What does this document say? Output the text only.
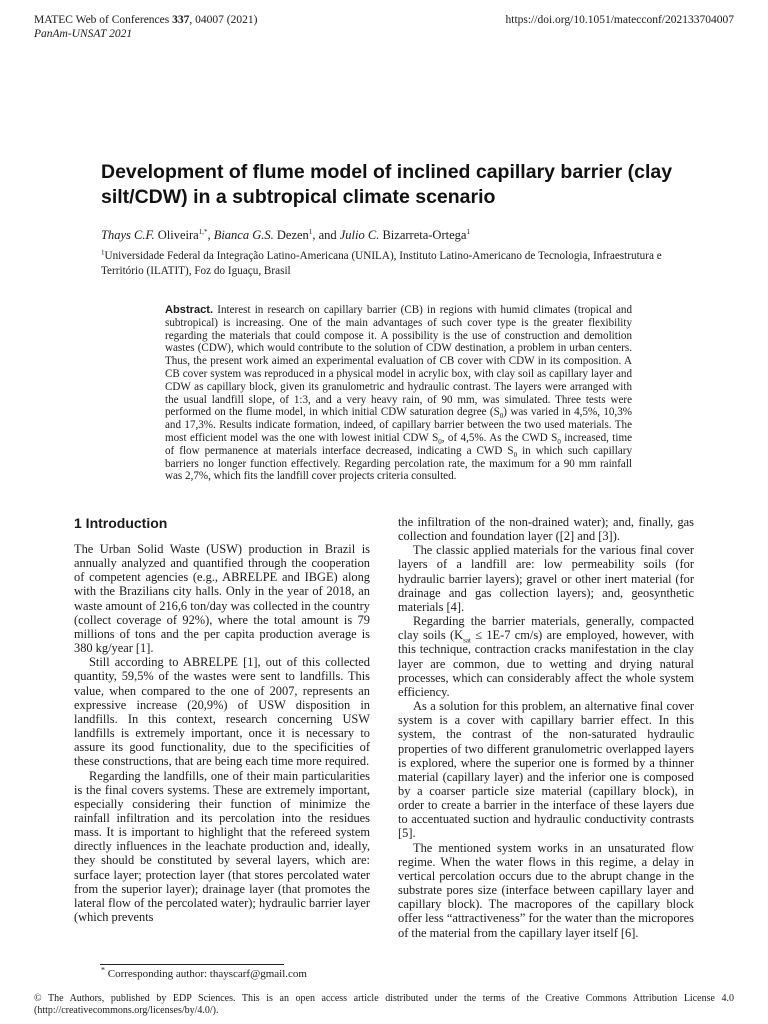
MATEC Web of Conferences 337, 04007 (2021)
PanAm-UNSAT 2021
https://doi.org/10.1051/matecconf/202133704007
Development of flume model of inclined capillary barrier (clay silt/CDW) in a subtropical climate scenario
Thays C.F. Oliveira$^{1,*}$, Bianca G.S. Dezen$^1$, and Julio C. Bizarreta-Ortega$^1$
$^1$Universidade Federal da Integração Latino-Americana (UNILA), Instituto Latino-Americano de Tecnologia, Infraestrutura e Território (ILATIT), Foz do Iguaçu, Brasil
Abstract. Interest in research on capillary barrier (CB) in regions with humid climates (tropical and subtropical) is increasing. One of the main advantages of such cover type is the greater flexibility regarding the materials that could compose it. A possibility is the use of construction and demolition wastes (CDW), which would contribute to the solution of CDW destination, a problem in urban centers. Thus, the present work aimed an experimental evaluation of CB cover with CDW in its composition. A CB cover system was reproduced in a physical model in acrylic box, with clay soil as capillary layer and CDW as capillary block, given its granulometric and hydraulic contrast. The layers were arranged with the usual landfill slope, of 1:3, and a very heavy rain, of 90 mm, was simulated. Three tests were performed on the flume model, in which initial CDW saturation degree $(S_0)$ was varied in 4,5%, 10,3% and 17,3%. Results indicate formation, indeed, of capillary barrier between the two used materials. The most efficient model was the one with lowest initial CDW $S_0$, of 4,5%. As the CWD $S_0$ increased, time of flow permanence at materials interface decreased, indicating a CWD $S_0$ in which such capillary barriers no longer function effectively. Regarding percolation rate, the maximum for a 90 mm rainfall was 2,7%, which fits the landfill cover projects criteria consulted.
1 Introduction

The Urban Solid Waste (USW) production in Brazil is annually analyzed and quantified through the cooperation of competent agencies (e.g., ABRELPE and IBGE) along with the Brazilians city halls. Only in the year of 2018, an waste amount of 216,6 ton/day was collected in the country (collect coverage of 92%), where the total amount is 79 millions of tons and the per capita production average is 380 kg/year [1].

Still according to ABRELPE [1], out of this collected quantity, 59,5% of the wastes were sent to landfills. This value, when compared to the one of 2007, represents an expressive increase (20,9%) of USW disposition in landfills. In this context, research concerning USW landfills is extremely important, once it is necessary to assure its good functionality, due to the specificities of these constructions, that are being each time more required.

Regarding the landfills, one of their main particularities is the final covers systems. These are extremely important, especially considering their function of minimize the rainfall infiltration and its percolation into the residues mass. It is important to highlight that the refereed system directly influences in the leachate production and, ideally, they should be constituted by several layers, which are: surface layer; protection layer (that stores percolated water from the superior layer); drainage layer (that promotes the lateral flow of the percolated water); hydraulic barrier layer (which prevents

the infiltration of the non-drained water); and, finally, gas collection and foundation layer ([2] and [3]).

The classic applied materials for the various final cover layers of a landfill are: low permeability soils (for hydraulic barrier layers); gravel or other inert material (for drainage and gas collection layers); and, geosynthetic materials [4].

Regarding the barrier materials, generally, compacted clay soils ($K_{sat} \le 1E-7$ cm/s) are employed, however, with this technique, contraction cracks manifestation in the clay layer are common, due to wetting and drying natural processes, which can considerably affect the whole system efficiency.

As a solution for this problem, an alternative final cover system is a cover with capillary barrier effect. In this system, the contrast of the non-saturated hydraulic properties of two different granulometric overlapped layers is explored, where the superior one is formed by a thinner material (capillary layer) and the inferior one is composed by a coarser particle size material (capillary block), in order to create a barrier in the interface of these layers due to accentuated suction and hydraulic conductivity contrasts [5].

The mentioned system works in an unsaturated flow regime. When the water flows in this regime, a delay in vertical percolation occurs due to the abrupt change in the substrate pores size (interface between capillary layer and capillary block). The macropores of the capillary block offer less “attractiveness” for the water than the micropores of the material from the capillary layer itself [6].

* Corresponding author: thayscarf@gmail.com
© The Authors, published by EDP Sciences. This is an open access article distributed under the terms of the Creative Commons Attribution License 4.0 (http://creativecommons.org/licenses/by/4.0/).
